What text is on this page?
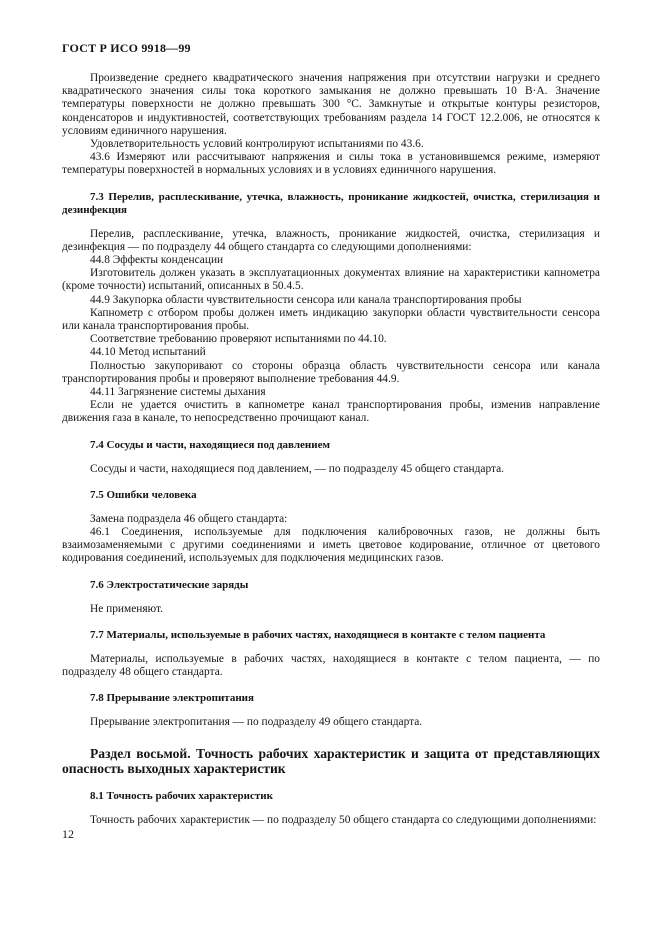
ГОСТ Р ИСО 9918—99

Произведение среднего квадратического значения напряжения при отсутствии нагрузки и среднего квадратического значения силы тока короткого замыкания не должно превышать 10 В·А. Значение температуры поверхности не должно превышать 300 °С. Замкнутые и открытые контуры резисторов, конденсаторов и индуктивностей, соответствующих требованиям раздела 14 ГОСТ 12.2.006, не относятся к условиям единичного нарушения.

Удовлетворительность условий контролируют испытаниями по 43.6.

43.6 Измеряют или рассчитывают напряжения и силы тока в установившемся режиме, измеряют температуры поверхностей в нормальных условиях и в условиях единичного нарушения.

7.3 Перелив, расплескивание, утечка, влажность, проникание жидкостей, очистка, стерилизация и дезинфекция

Перелив, расплескивание, утечка, влажность, проникание жидкостей, очистка, стерилизация и дезинфекция — по подразделу 44 общего стандарта со следующими дополнениями:

44.8 Эффекты конденсации

Изготовитель должен указать в эксплуатационных документах влияние на характеристики капнометра (кроме точности) испытаний, описанных в 50.4.5.

44.9 Закупорка области чувствительности сенсора или канала транспортирования пробы

Капнометр с отбором пробы должен иметь индикацию закупорки области чувствительности сенсора или канала транспортирования пробы.

Соответствие требованию проверяют испытаниями по 44.10.

44.10 Метод испытаний

Полностью закупоривают со стороны образца область чувствительности сенсора или канала транспортирования пробы и проверяют выполнение требования 44.9.

44.11 Загрязнение системы дыхания

Если не удается очистить в капнометре канал транспортирования пробы, изменив направление движения газа в канале, то непосредственно прочищают канал.

7.4 Сосуды и части, находящиеся под давлением

Сосуды и части, находящиеся под давлением, — по подразделу 45 общего стандарта.

7.5 Ошибки человека

Замена подраздела 46 общего стандарта:

46.1 Соединения, используемые для подключения калибровочных газов, не должны быть взаимозаменяемыми с другими соединениями и иметь цветовое кодирование, отличное от цветового кодирования соединений, используемых для подключения медицинских газов.

7.6 Электростатические заряды

Не применяют.

7.7 Материалы, используемые в рабочих частях, находящиеся в контакте с телом пациента

Материалы, используемые в рабочих частях, находящиеся в контакте с телом пациента, — по подразделу 48 общего стандарта.

7.8 Прерывание электропитания

Прерывание электропитания — по подразделу 49 общего стандарта.

Раздел восьмой. Точность рабочих характеристик и защита от представляющих опасность выходных характеристик
8.1 Точность рабочих характеристик

Точность рабочих характеристик — по подразделу 50 общего стандарта со следующими дополнениями:

12
